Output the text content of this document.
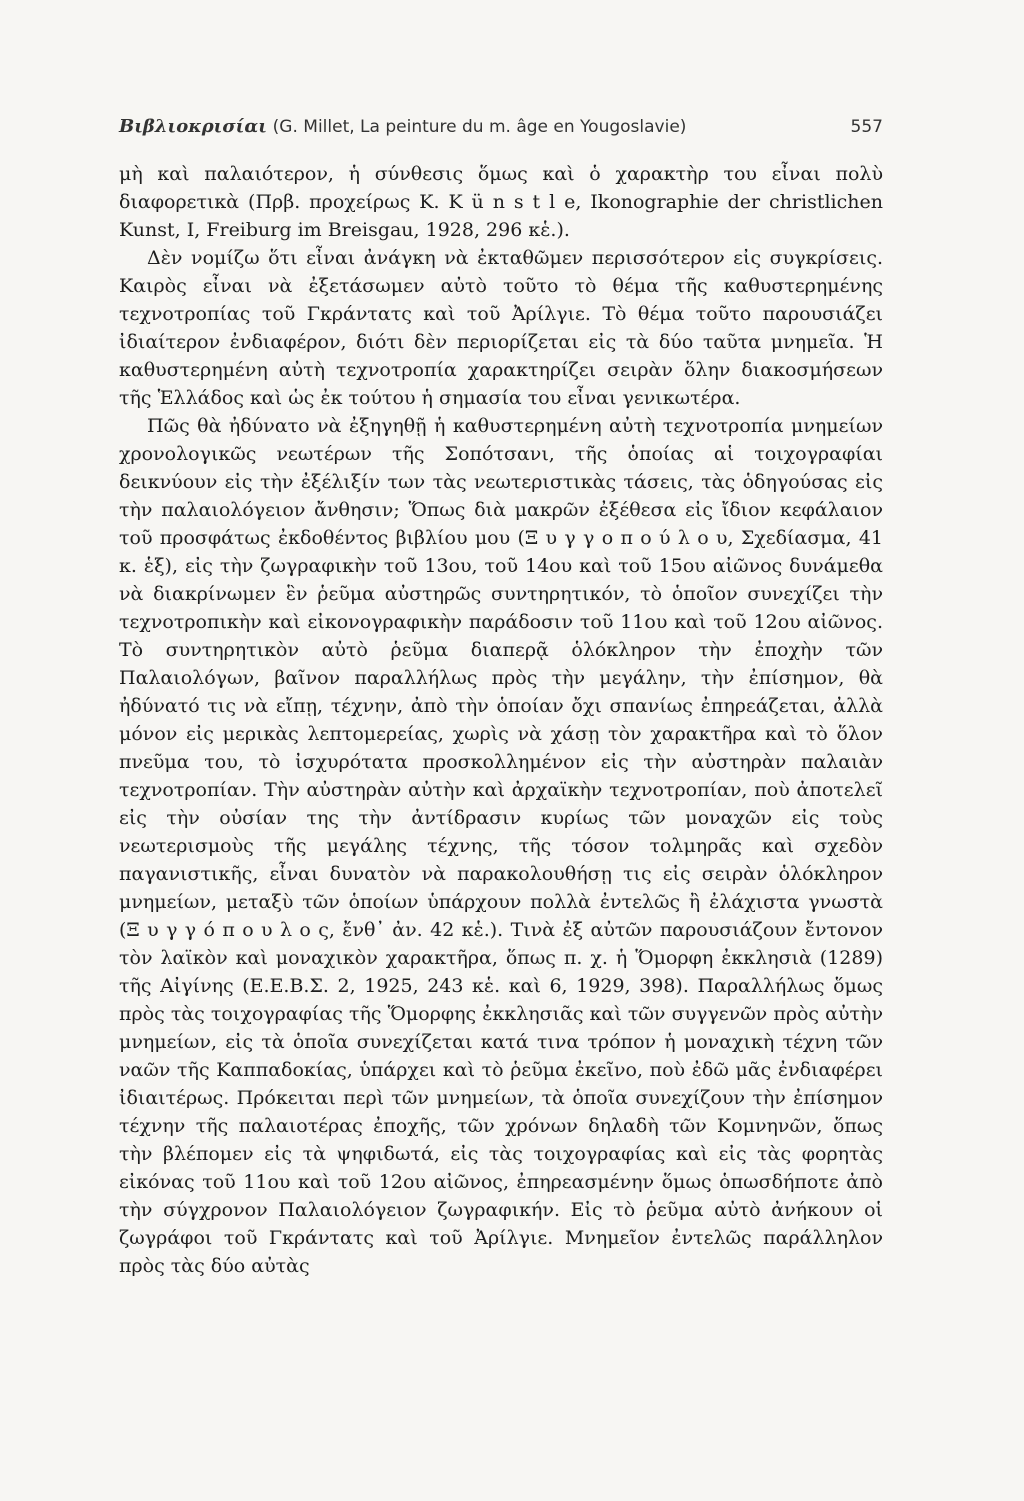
Βιβλιοκρισίαι (G. Millet, La peinture du m. âge en Yougoslavie)	557

μὴ καὶ παλαιότερον, ἡ σύνθεσις ὅμως καὶ ὁ χαρακτὴρ του εἶναι πολὺ διαφορετικὰ (Πρβ. προχείρως K. K ü n s t l e, Ikonographie der christlichen Kunst, I, Freiburg im Breisgau, 1928, 296 κἑ.).

Δὲν νομίζω ὅτι εἶναι ἀνάγκη νὰ ἐκταθῶμεν περισσότερον εἰς συγκρίσεις. Καιρὸς εἶναι νὰ ἐξετάσωμεν αὐτὸ τοῦτο τὸ θέμα τῆς καθυστερημένης τεχνοτροπίας τοῦ Γκράντατς καὶ τοῦ Ἀρίλγιε. Τὸ θέμα τοῦτο παρουσιάζει ἰδιαίτερον ἐνδιαφέρον, διότι δὲν περιορίζεται εἰς τὰ δύο ταῦτα μνημεῖα. Ἡ καθυστερημένη αὐτὴ τεχνοτροπία χαρακτηρίζει σειρὰν ὅλην διακοσμήσεων τῆς Ἑλλάδος καὶ ὡς ἐκ τούτου ἡ σημασία του εἶναι γενικωτέρα.

Πῶς θὰ ἠδύνατο νὰ ἐξηγηθῇ ἡ καθυστερημένη αὐτὴ τεχνοτροπία μνημείων χρονολογικῶς νεωτέρων τῆς Σοπότσανι, τῆς ὁποίας αἱ τοιχογραφίαι δεικνύουν εἰς τὴν ἐξέλιξίν των τὰς νεωτεριστικὰς τάσεις, τὰς ὁδηγούσας εἰς τὴν παλαιολόγειον ἄνθησιν; Ὅπως διὰ μακρῶν ἐξέθεσα εἰς ἴδιον κεφάλαιον τοῦ προσφάτως ἐκδοθέντος βιβλίου μου (Ξ υ γ γ ο π ο ύ λ ο υ, Σχεδίασμα, 41 κ. ἑξ), εἰς τὴν ζωγραφικὴν τοῦ 13ου, τοῦ 14ου καὶ τοῦ 15ου αἰῶνος δυνάμεθα νὰ διακρίνωμεν ἓν ῥεῦμα αὐστηρῶς συντηρητικόν, τὸ ὁποῖον συνεχίζει τὴν τεχνοτροπικὴν καὶ εἰκονογραφικὴν παράδοσιν τοῦ 11ου καὶ τοῦ 12ου αἰῶνος. Τὸ συντηρητικὸν αὐτὸ ῥεῦμα διαπερᾷ ὁλόκληρον τὴν ἐποχὴν τῶν Παλαιολόγων, βαῖνον παραλλήλως πρὸς τὴν μεγάλην, τὴν ἐπίσημον, θὰ ἠδύνατό τις νὰ εἴπῃ, τέχνην, ἀπὸ τὴν ὁποίαν ὄχι σπανίως ἐπηρεάζεται, ἀλλὰ μόνον εἰς μερικὰς λεπτομερείας, χωρὶς νὰ χάσῃ τὸν χαρακτῆρα καὶ τὸ ὅλον πνεῦμα του, τὸ ἰσχυρότατα προσκολλημένον εἰς τὴν αὐστηρὰν παλαιὰν τεχνοτροπίαν. Τὴν αὐστηρὰν αὐτὴν καὶ ἀρχαϊκὴν τεχνοτροπίαν, ποὺ ἀποτελεῖ εἰς τὴν οὐσίαν της τὴν ἀντίδρασιν κυρίως τῶν μοναχῶν εἰς τοὺς νεωτερισμοὺς τῆς μεγάλης τέχνης, τῆς τόσον τολμηρᾶς καὶ σχεδὸν παγανιστικῆς, εἶναι δυνατὸν νὰ παρακολουθήσῃ τις εἰς σειρὰν ὁλόκληρον μνημείων, μεταξὺ τῶν ὁποίων ὑπάρχουν πολλὰ ἐντελῶς ἢ ἐλάχιστα γνωστὰ (Ξ υ γ γ ό π ο υ λ ο ς, ἔνθ᾽ ἀν. 42 κἑ.). Τινὰ ἐξ αὐτῶν παρουσιάζουν ἔντονον τὸν λαϊκὸν καὶ μοναχικὸν χαρακτῆρα, ὅπως π. χ. ἡ Ὅμορφη ἐκκλησιὰ (1289) τῆς Αἰγίνης (Ε.Ε.Β.Σ. 2, 1925, 243 κἑ. καὶ 6, 1929, 398). Παραλλήλως ὅμως πρὸς τὰς τοιχογραφίας τῆς Ὅμορφης ἐκκλησιᾶς καὶ τῶν συγγενῶν πρὸς αὐτὴν μνημείων, εἰς τὰ ὁποῖα συνεχίζεται κατά τινα τρόπον ἡ μοναχικὴ τέχνη τῶν ναῶν τῆς Καππαδοκίας, ὑπάρχει καὶ τὸ ῥεῦμα ἐκεῖνο, ποὺ ἐδῶ μᾶς ἐνδιαφέρει ἰδιαιτέρως. Πρόκειται περὶ τῶν μνημείων, τὰ ὁποῖα συνεχίζουν τὴν ἐπίσημον τέχνην τῆς παλαιοτέρας ἐποχῆς, τῶν χρόνων δηλαδὴ τῶν Κομνηνῶν, ὅπως τὴν βλέπομεν εἰς τὰ ψηφιδωτά, εἰς τὰς τοιχογραφίας καὶ εἰς τὰς φορητὰς εἰκόνας τοῦ 11ου καὶ τοῦ 12ου αἰῶνος, ἐπηρεασμένην ὅμως ὁπωσδήποτε ἀπὸ τὴν σύγχρονον Παλαιολόγειον ζωγραφικήν. Εἰς τὸ ῥεῦμα αὐτὸ ἀνήκουν οἱ ζωγράφοι τοῦ Γκράντατς καὶ τοῦ Ἀρίλγιε. Μνημεῖον ἐντελῶς παράλληλον πρὸς τὰς δύο αὐτὰς
